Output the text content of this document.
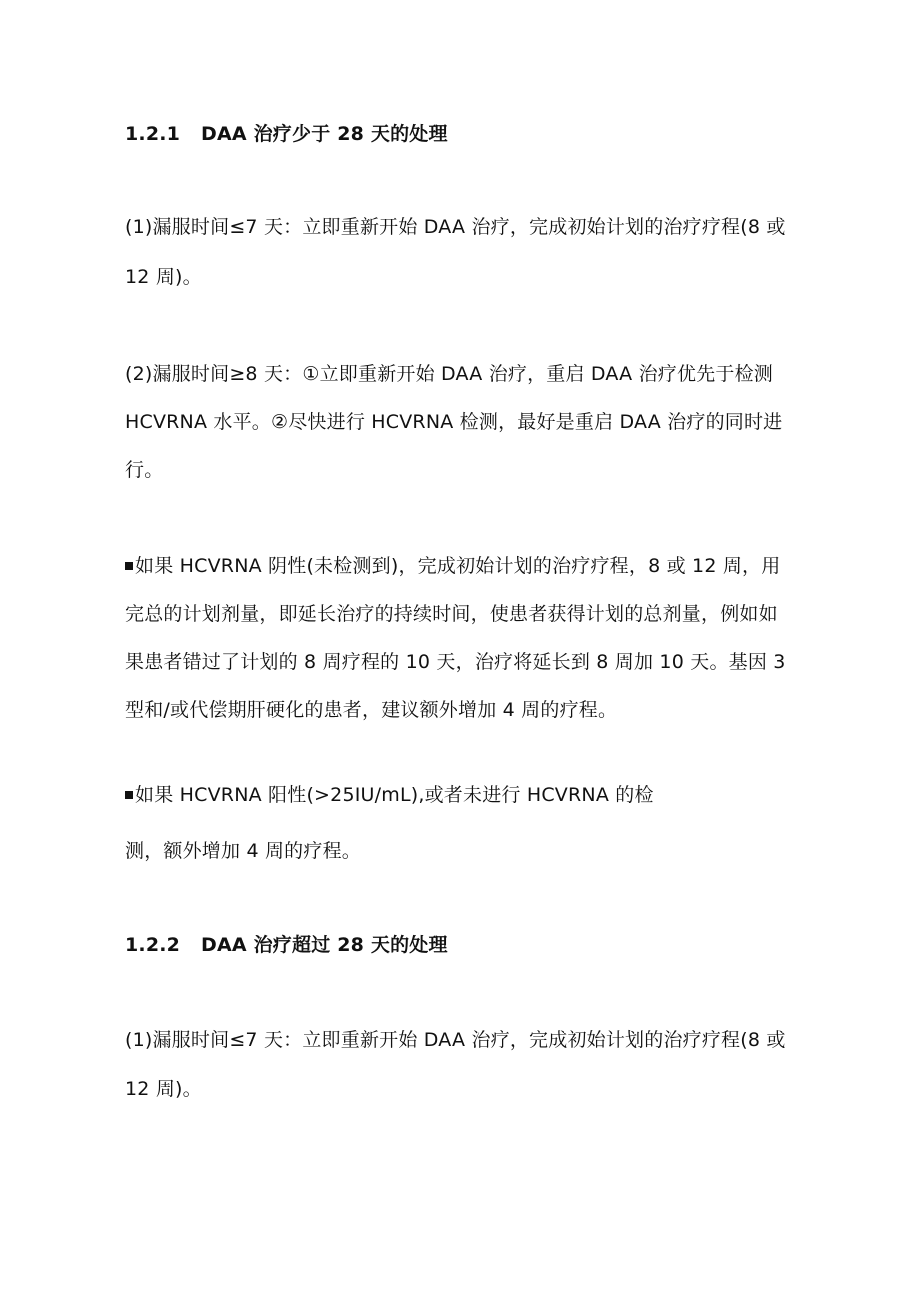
1.2.1 DAA 治疗少于 28 天的处理
(1)漏服时间≤7 天：立即重新开始 DAA 治疗，完成初始计划的治疗疗程(8 或
12 周)。
(2)漏服时间≥8 天：①立即重新开始 DAA 治疗，重启 DAA 治疗优先于检测
HCVRNA 水平。②尽快进行 HCVRNA 检测，最好是重启 DAA 治疗的同时进
行。
如果 HCVRNA 阴性(未检测到)，完成初始计划的治疗疗程，8 或 12 周，用
完总的计划剂量，即延长治疗的持续时间，使患者获得计划的总剂量，例如如
果患者错过了计划的 8 周疗程的 10 天，治疗将延长到 8 周加 10 天。基因 3
型和/或代偿期肝硬化的患者，建议额外增加 4 周的疗程。
如果 HCVRNA 阳性(>25IU/mL),或者未进行 HCVRNA 的检
测，额外增加 4 周的疗程。
1.2.2 DAA 治疗超过 28 天的处理
(1)漏服时间≤7 天：立即重新开始 DAA 治疗，完成初始计划的治疗疗程(8 或
12 周)。
